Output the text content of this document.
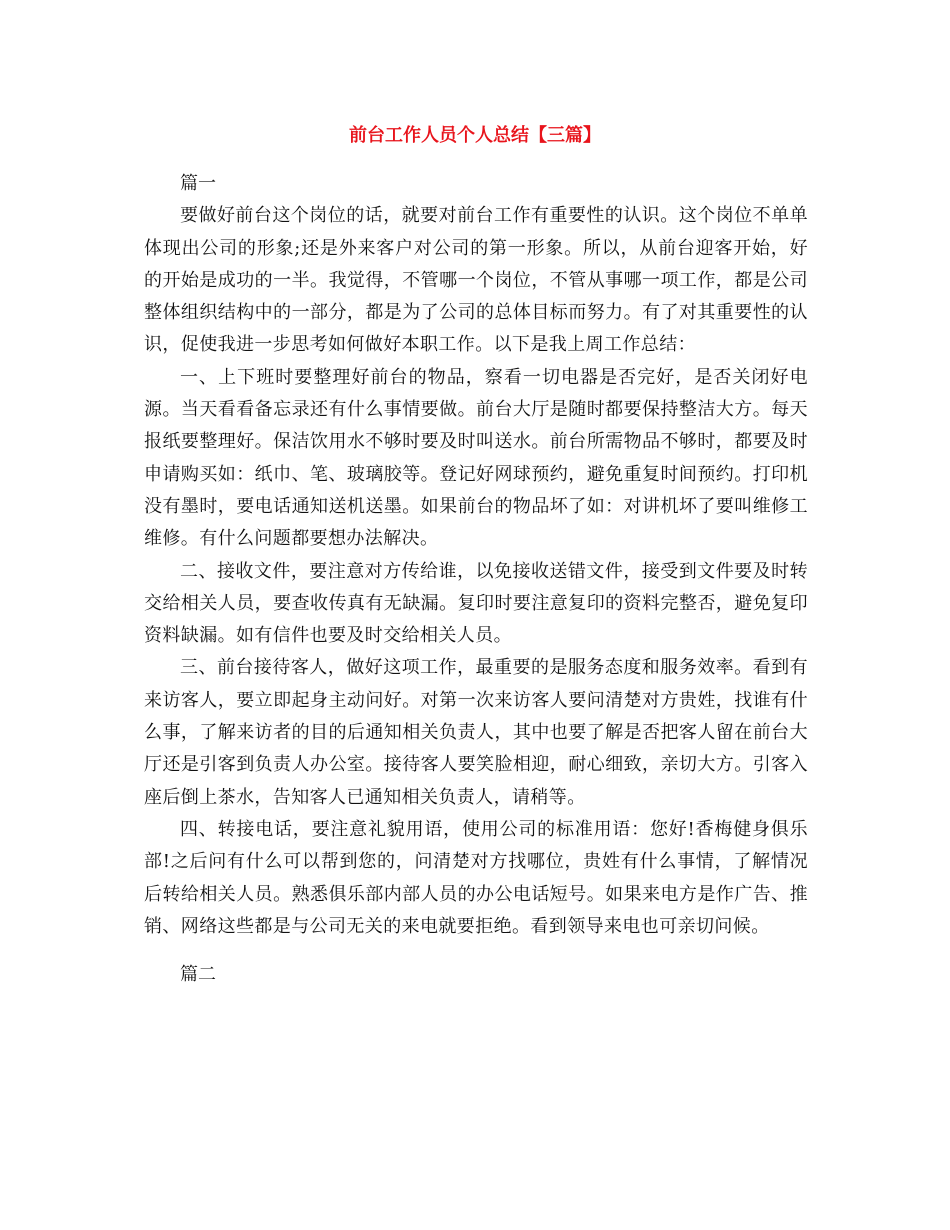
前台工作人员个人总结【三篇】

篇一

要做好前台这个岗位的话，就要对前台工作有重要性的认识。这个岗位不单单体现出公司的形象;还是外来客户对公司的第一形象。所以，从前台迎客开始，好的开始是成功的一半。我觉得，不管哪一个岗位，不管从事哪一项工作，都是公司整体组织结构中的一部分，都是为了公司的总体目标而努力。有了对其重要性的认识，促使我进一步思考如何做好本职工作。以下是我上周工作总结：

一、上下班时要整理好前台的物品，察看一切电器是否完好，是否关闭好电源。当天看看备忘录还有什么事情要做。前台大厅是随时都要保持整洁大方。每天报纸要整理好。保洁饮用水不够时要及时叫送水。前台所需物品不够时，都要及时申请购买如：纸巾、笔、玻璃胶等。登记好网球预约，避免重复时间预约。打印机没有墨时，要电话通知送机送墨。如果前台的物品坏了如：对讲机坏了要叫维修工维修。有什么问题都要想办法解决。

二、接收文件，要注意对方传给谁，以免接收送错文件，接受到文件要及时转交给相关人员，要查收传真有无缺漏。复印时要注意复印的资料完整否，避免复印资料缺漏。如有信件也要及时交给相关人员。

三、前台接待客人，做好这项工作，最重要的是服务态度和服务效率。看到有来访客人，要立即起身主动问好。对第一次来访客人要问清楚对方贵姓，找谁有什么事，了解来访者的目的后通知相关负责人，其中也要了解是否把客人留在前台大厅还是引客到负责人办公室。接待客人要笑脸相迎，耐心细致，亲切大方。引客入座后倒上茶水，告知客人已通知相关负责人，请稍等。

四、转接电话，要注意礼貌用语，使用公司的标准用语：您好!香梅健身俱乐部!之后问有什么可以帮到您的，问清楚对方找哪位，贵姓有什么事情，了解情况后转给相关人员。熟悉俱乐部内部人员的办公电话短号。如果来电方是作广告、推销、网络这些都是与公司无关的来电就要拒绝。看到领导来电也可亲切问候。

篇二
